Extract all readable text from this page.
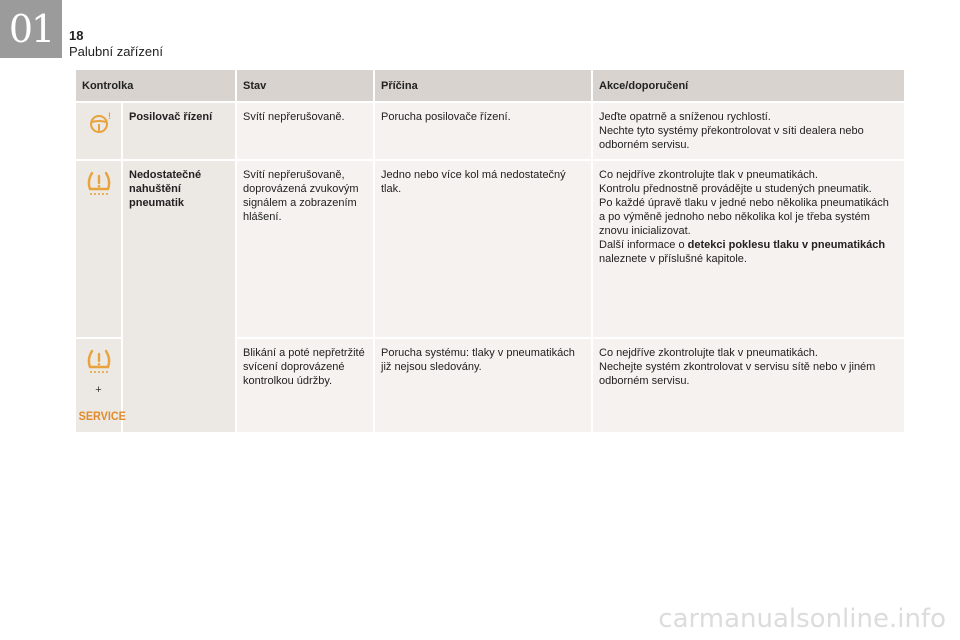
01 18
Palubní zařízení
Kontrolka		Stav	Příčina	Akce/doporučení

!	Posilovač řízení	Svítí nepřerušovaně.	Porucha posilovače řízení.	Jeďte opatrně a sníženou rychlostí.
Nechte tyto systémy překontrolovat v síti dealera nebo odborném servisu.

	Nedostatečné nahuštění pneumatik	Svítí nepřerušovaně, doprovázená zvukovým signálem a zobrazením hlášení.	Jedno nebo více kol má nedostatečný tlak.	Co nejdříve zkontrolujte tlak v pneumatikách.
Kontrolu přednostně provádějte u studených pneumatik.
Po každé úpravě tlaku v jedné nebo několika pneumatikách a po výměně jednoho nebo několika kol je třeba systém znovu inicializovat.
Další informace o detekci poklesu tlaku v pneumatikách
naleznete v příslušné kapitole.

+
SERVICE		Blikání a poté nepřetržité svícení doprovázené kontrolkou údržby.	Porucha systému: tlaky v pneumatikách již nejsou sledovány.	Co nejdříve zkontrolujte tlak v pneumatikách.
Nechejte systém zkontrolovat v servisu sítě nebo v jiném odborném servisu.
carmanualsonline.info
